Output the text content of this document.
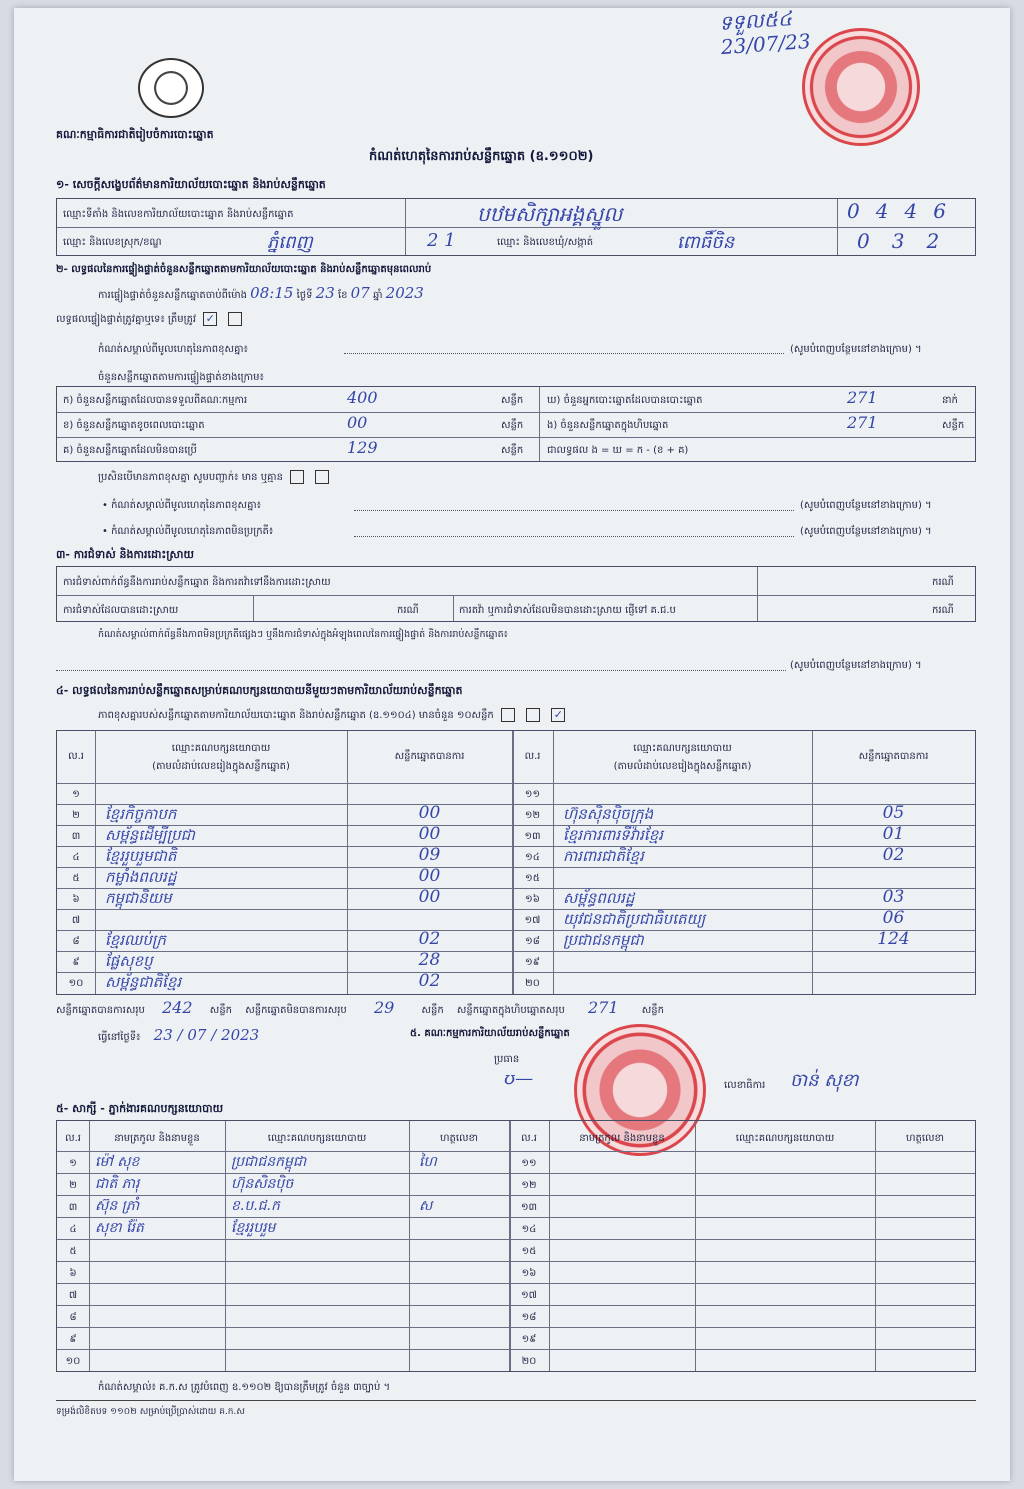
ទទួល៥៤
23/07/23
គណៈកម្មាធិការជាតិរៀបចំការបោះឆ្នោត
កំណត់ហេតុនៃការរាប់សន្លឹកឆ្នោត (ឧ.១១០២)
១- សេចក្ដីសង្ខេបព័ត៌មានការិយាល័យបោះឆ្នោត និងរាប់សន្លឹកឆ្នោត
ឈ្មោះទីតាំង និងលេខការិយាល័យបោះឆ្នោត និងរាប់សន្លឹកឆ្នោត	បឋមសិក្សាអង្គស្នួល	0 4 4 6
ឈ្មោះ និងលេខស្រុក/ខណ្ឌ	ភ្នំពេញ	2 1	ឈ្មោះ និងលេខឃុំ/សង្កាត់	ពោធិ៍ចិន	0 3 2
២- លទ្ធផលនៃការផ្ទៀងផ្ទាត់ចំនួនសន្លឹកឆ្នោតតាមការិយាល័យបោះឆ្នោត និងរាប់សន្លឹកឆ្នោតមុនពេលរាប់
ការផ្ទៀងផ្ទាត់ចំនួនសន្លឹកឆ្នោតចាប់ពីម៉ោង 08:15 ថ្ងៃទី 23 ខែ 07 ឆ្នាំ 2023
លទ្ធផលផ្ទៀងផ្ទាត់ត្រូវគ្នាឬទេ៖ ត្រឹមត្រូវ ✓
កំណត់សម្គាល់ពីមូលហេតុនៃភាពខុសគ្នា៖	(សូមបំពេញបន្ថែមនៅខាងក្រោម) ។
ចំនួនសន្លឹកឆ្នោតតាមការផ្ទៀងផ្ទាត់ខាងក្រោម៖
ក) ចំនួនសន្លឹកឆ្នោតដែលបានទទួលពីគណៈកម្មការ	400	សន្លឹក
ខ) ចំនួនសន្លឹកឆ្នោតខូចពេលបោះឆ្នោត	00	សន្លឹក
គ) ចំនួនសន្លឹកឆ្នោតដែលមិនបានប្រើ	129	សន្លឹក
ឃ) ចំនួនអ្នកបោះឆ្នោតដែលបានបោះឆ្នោត	271	នាក់
ង) ចំនួនសន្លឹកឆ្នោតក្នុងហិបឆ្នោត	271	សន្លឹក
ជាលទ្ធផល ង = ឃ = ក - (ខ + គ)
ប្រសិនបើមានភាពខុសគ្នា សូមបញ្ជាក់៖ មាន ឬគ្មាន
• កំណត់សម្គាល់ពីមូលហេតុនៃភាពខុសគ្នា៖	(សូមបំពេញបន្ថែមនៅខាងក្រោម) ។
• កំណត់សម្គាល់ពីមូលហេតុនៃភាពមិនប្រក្រតី៖	(សូមបំពេញបន្ថែមនៅខាងក្រោម) ។
៣- ការជំទាស់ និងការដោះស្រាយ
ការជំទាស់ពាក់ព័ន្ធនឹងការរាប់សន្លឹកឆ្នោត និងការតវ៉ាទៅនឹងការដោះស្រាយ	ករណី
ការជំទាស់ដែលបានដោះស្រាយ	ករណី	ការតវ៉ា ឬការជំទាស់ដែលមិនបានដោះស្រាយ ផ្ញើទៅ គ.ជ.ប	ករណី
កំណត់សម្គាល់ពាក់ព័ន្ធនឹងភាពមិនប្រក្រតីផ្សេងៗ ឬនឹងការជំទាស់ក្នុងអំឡុងពេលនៃការផ្ទៀងផ្ទាត់ និងការរាប់សន្លឹកឆ្នោត៖
(សូមបំពេញបន្ថែមនៅខាងក្រោម) ។
៤- លទ្ធផលនៃការរាប់សន្លឹកឆ្នោតសម្រាប់គណបក្សនយោបាយនីមួយៗតាមការិយាល័យរាប់សន្លឹកឆ្នោត
ភាពខុសគ្នារបស់សន្លឹកឆ្នោតតាមការិយាល័យបោះឆ្នោត និងរាប់សន្លឹកឆ្នោត (ឧ.១១០៤) មានចំនួន ១០សន្លឹក	✓
ល.រ
ឈ្មោះគណបក្សនយោបាយ
(តាមលំដាប់លេខរៀងក្នុងសន្លឹកឆ្នោត)
សន្លឹកឆ្នោតបានការ	ល.រ
ឈ្មោះគណបក្សនយោបាយ
(តាមលំដាប់លេខរៀងក្នុងសន្លឹកឆ្នោត)
សន្លឹកឆ្នោតបានការ
១	១១
២	ខ្មែរកិច្ចកាបក	00	១២	ហ៊ុនស៊ិនប៉ិចក្រុង	05
៣	សម្ព័ន្ធដើម្បីប្រជា	00	១៣	ខ្មែរការពារទីវ៉ារខ្មែរ	01
៤	ខ្មែររួបរួមជាតិ	09	១៤	ការពារជាតិខ្មែរ	02
៥	កម្លាំងពលរដ្ឋ	00	១៥
៦	កម្ពុជានិយម	00	១៦	សម្ព័ន្ធពលរដ្ឋ	03
៧	១៧	យុវជនជាតិប្រជាធិបតេយ្យ	06
៨	ខ្មែរឈប់ក្រ	02	១៨	ប្រជាជនកម្ពុជា	124
៩	ផ្លែសុខប្ញ	28	១៩
១០	សម្ព័ន្ធជាតិខ្មែរ	02	២០
សន្លឹកឆ្នោតបានការសរុប 242 សន្លឹក សន្លឹកឆ្នោតមិនបានការសរុប 29	សន្លឹក សន្លឹកឆ្នោតក្នុងហិបឆ្នោតសរុប 271 សន្លឹក
ធ្វើនៅថ្ងៃទី៖ 23 / 07 / 2023	៥. គណៈកម្មការការិយាល័យរាប់សន្លឹកឆ្នោត
ប្រធាន
ʊ—	លេខាធិការ ចាន់ សុខា
៥- សាក្សី - ភ្នាក់ងារគណបក្សនយោបាយ
ល.រ	នាមត្រកូល និងនាមខ្លួន	ឈ្មោះគណបក្សនយោបាយ	ហត្ថលេខា	ល.រ	នាមត្រកូល និងនាមខ្លួន	ឈ្មោះគណបក្សនយោបាយ	ហត្ថលេខា
១	ម៉ៅ សុខ	ប្រជាជនកម្ពុជា	ហៃ	១១
២	ជាតិ ភារុ	ហ៊ុនសិនប៉ិច	១២
៣	ស៊ុន ភ្រាំ	ខ.ប.ជ.ក	ស	១៣
៤	សុខា រ៉ែត	ខ្មែររួបរួម	១៤
៥	១៥
៦	១៦
៧	១៧
៨	១៨
៩	១៩
១០	២០
កំណត់សម្គាល់៖ គ.ក.ស ត្រូវបំពេញ ឧ.១១០២ ឱ្យបានត្រឹមត្រូវ ចំនួន ៣ច្បាប់ ។
ទម្រង់លិខិតបទ ១១០២ សម្រាប់ប្រើប្រាស់ដោយ គ.ក.ស
